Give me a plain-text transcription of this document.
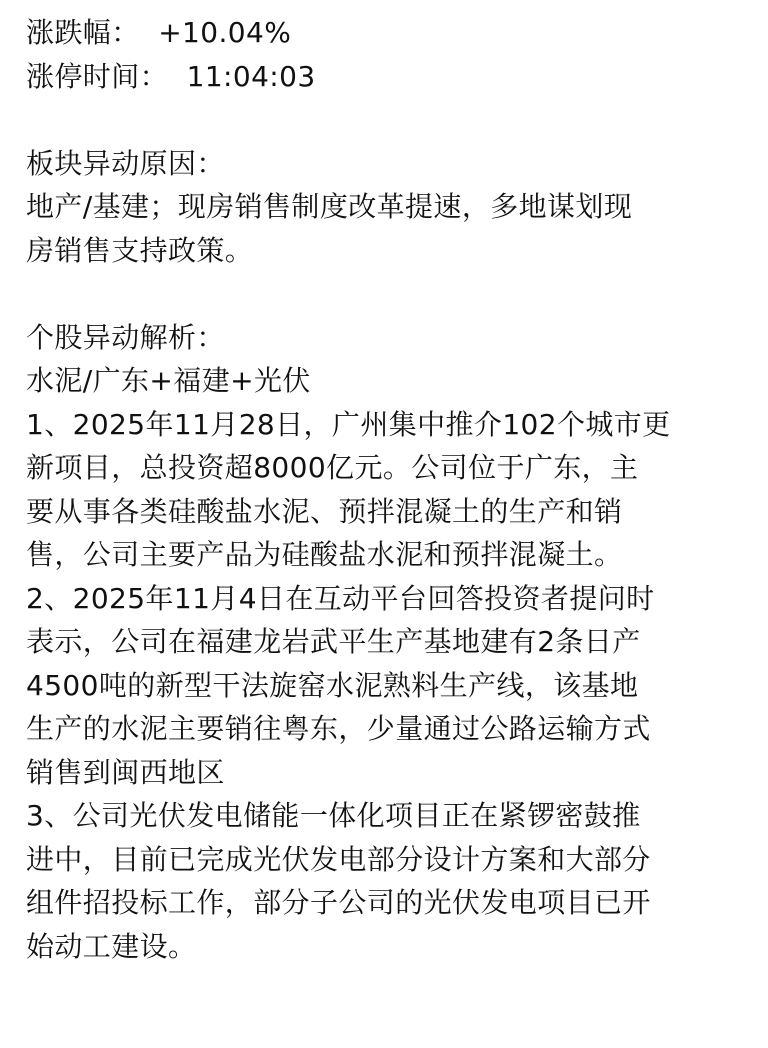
涨跌幅：  +10.04%
涨停时间：  11:04:03
板块异动原因：
地产/基建；现房销售制度改革提速，多地谋划现
房销售支持政策。
个股异动解析：
水泥/广东+福建+光伏
1、2025年11月28日，广州集中推介102个城市更
新项目，总投资超8000亿元。公司位于广东，主
要从事各类硅酸盐水泥、预拌混凝土的生产和销
售，公司主要产品为硅酸盐水泥和预拌混凝土。
2、2025年11月4日在互动平台回答投资者提问时
表示，公司在福建龙岩武平生产基地建有2条日产
4500吨的新型干法旋窑水泥熟料生产线，该基地
生产的水泥主要销往粤东，少量通过公路运输方式
销售到闽西地区
3、公司光伏发电储能一体化项目正在紧锣密鼓推
进中，目前已完成光伏发电部分设计方案和大部分
组件招投标工作，部分子公司的光伏发电项目已开
始动工建设。
